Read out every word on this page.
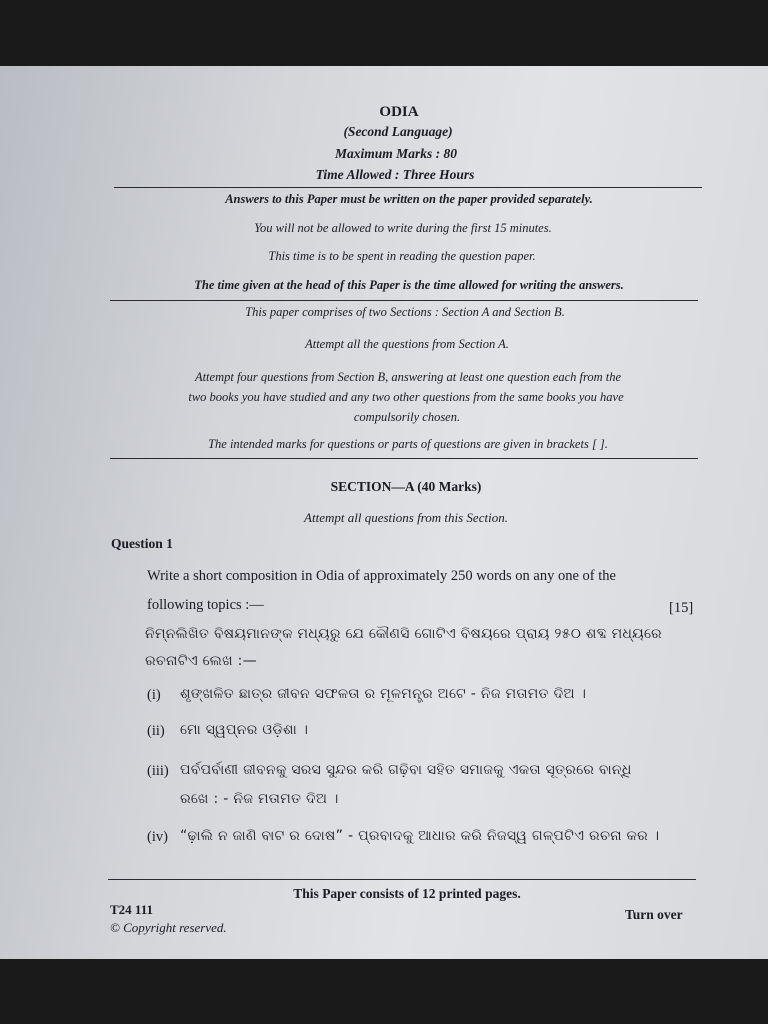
ODIA
(Second Language)
Maximum Marks : 80
Time Allowed : Three Hours
Answers to this Paper must be written on the paper provided separately.
You will not be allowed to write during the first 15 minutes.
This time is to be spent in reading the question paper.
The time given at the head of this Paper is the time allowed for writing the answers.
This paper comprises of two Sections : Section A and Section B.
Attempt all the questions from Section A.
Attempt four questions from Section B, answering at least one question each from the
two books you have studied and any two other questions from the same books you have
compulsorily chosen.
The intended marks for questions or parts of questions are given in brackets [ ].
SECTION—A (40 Marks)
Attempt all questions from this Section.
Question 1
Write a short composition in Odia of approximately 250 words on any one of the
following topics :—	[15]
ନିମ୍ନଲିଖିତ ବିଷୟମାନଙ୍କ ମଧ୍ୟରୁ ଯେ କୌଣସି ଗୋଟିଏ ବିଷୟରେ ପ୍ରାୟ ୨୫୦ ଶବ୍ଦ ମଧ୍ୟରେ
ରଚନାଟିଏ ଲେଖ :—
(i) ଶୃଙ୍ଖଳିତ ଛାତ୍ର ଜୀବନ ସଫଳତା ର ମୂଳମନ୍ତ୍ର ଅଟେ - ନିଜ ମତାମତ ଦିଅ ।
(ii) ମୋ ସ୍ୱପ୍ନର ଓଡ଼ିଶା ।
(iii) ପର୍ବପର୍ବାଣୀ ଜୀବନକୁ ସରସ ସୁନ୍ଦର କରି ଗଢ଼ିବା ସହିତ ସମାଜକୁ ଏକତା ସୂତ୍ରରେ ବାନ୍ଧି
ରଖେ : - ନିଜ ମତାମତ ଦିଅ ।
(iv) “ଢ଼ାଲି ନ ଜାଣି ବାଟ ର ଦୋଷ” - ପ୍ରବାଦକୁ ଆଧାର କରି ନିଜସ୍ୱ ଗଳ୍ପଟିଏ ରଚନା କର ।
This Paper consists of 12 printed pages.
T24 111
© Copyright reserved.
Turn over
